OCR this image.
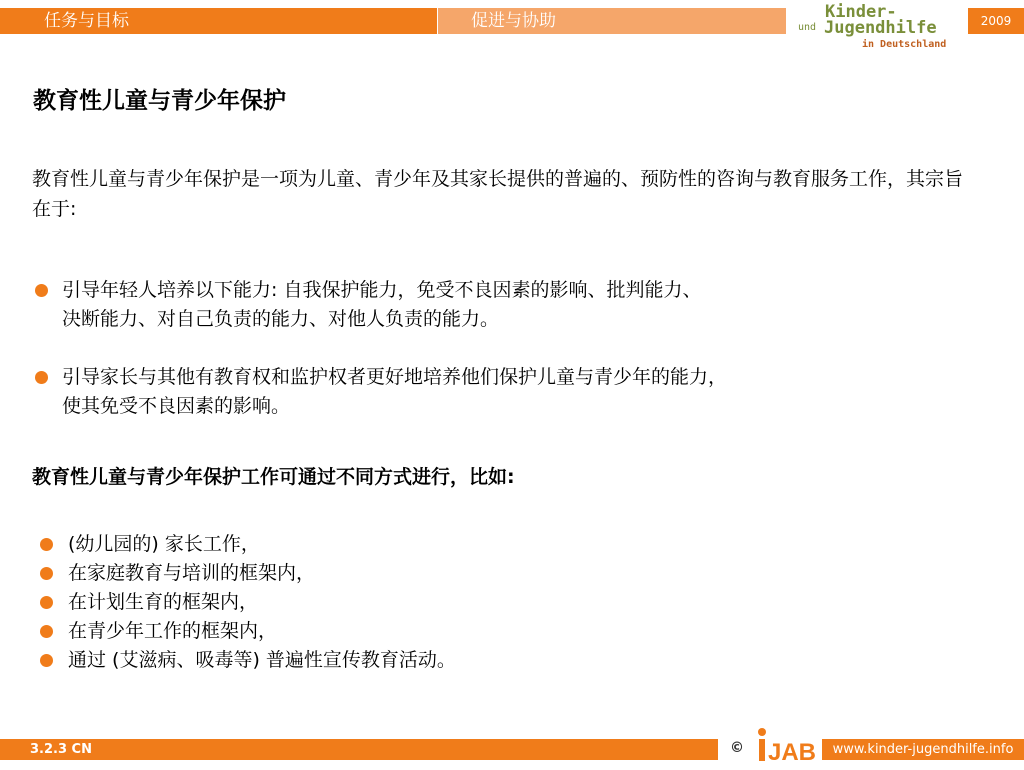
任务与目标	促进与协助	Kinder-
und Jugendhilfe
in Deutschland
2009
教育性儿童与青少年保护
教育性儿童与青少年保护是一项为儿童、青少年及其家长提供的普遍的、预防性的咨询与教育服务工作，其宗旨在于:
引导年轻人培养以下能力: 自我保护能力，免受不良因素的影响、批判能力、
决断能力、对自己负责的能力、对他人负责的能力。
引导家长与其他有教育权和监护权者更好地培养他们保护儿童与青少年的能力，
使其免受不良因素的影响。
教育性儿童与青少年保护工作可通过不同方式进行，比如:
(幼儿园的) 家长工作，
在家庭教育与培训的框架内，
在计划生育的框架内，
在青少年工作的框架内，
通过 (艾滋病、吸毒等) 普遍性宣传教育活动。
3.2.3 CN	© JAB	www.kinder-jugendhilfe.info
